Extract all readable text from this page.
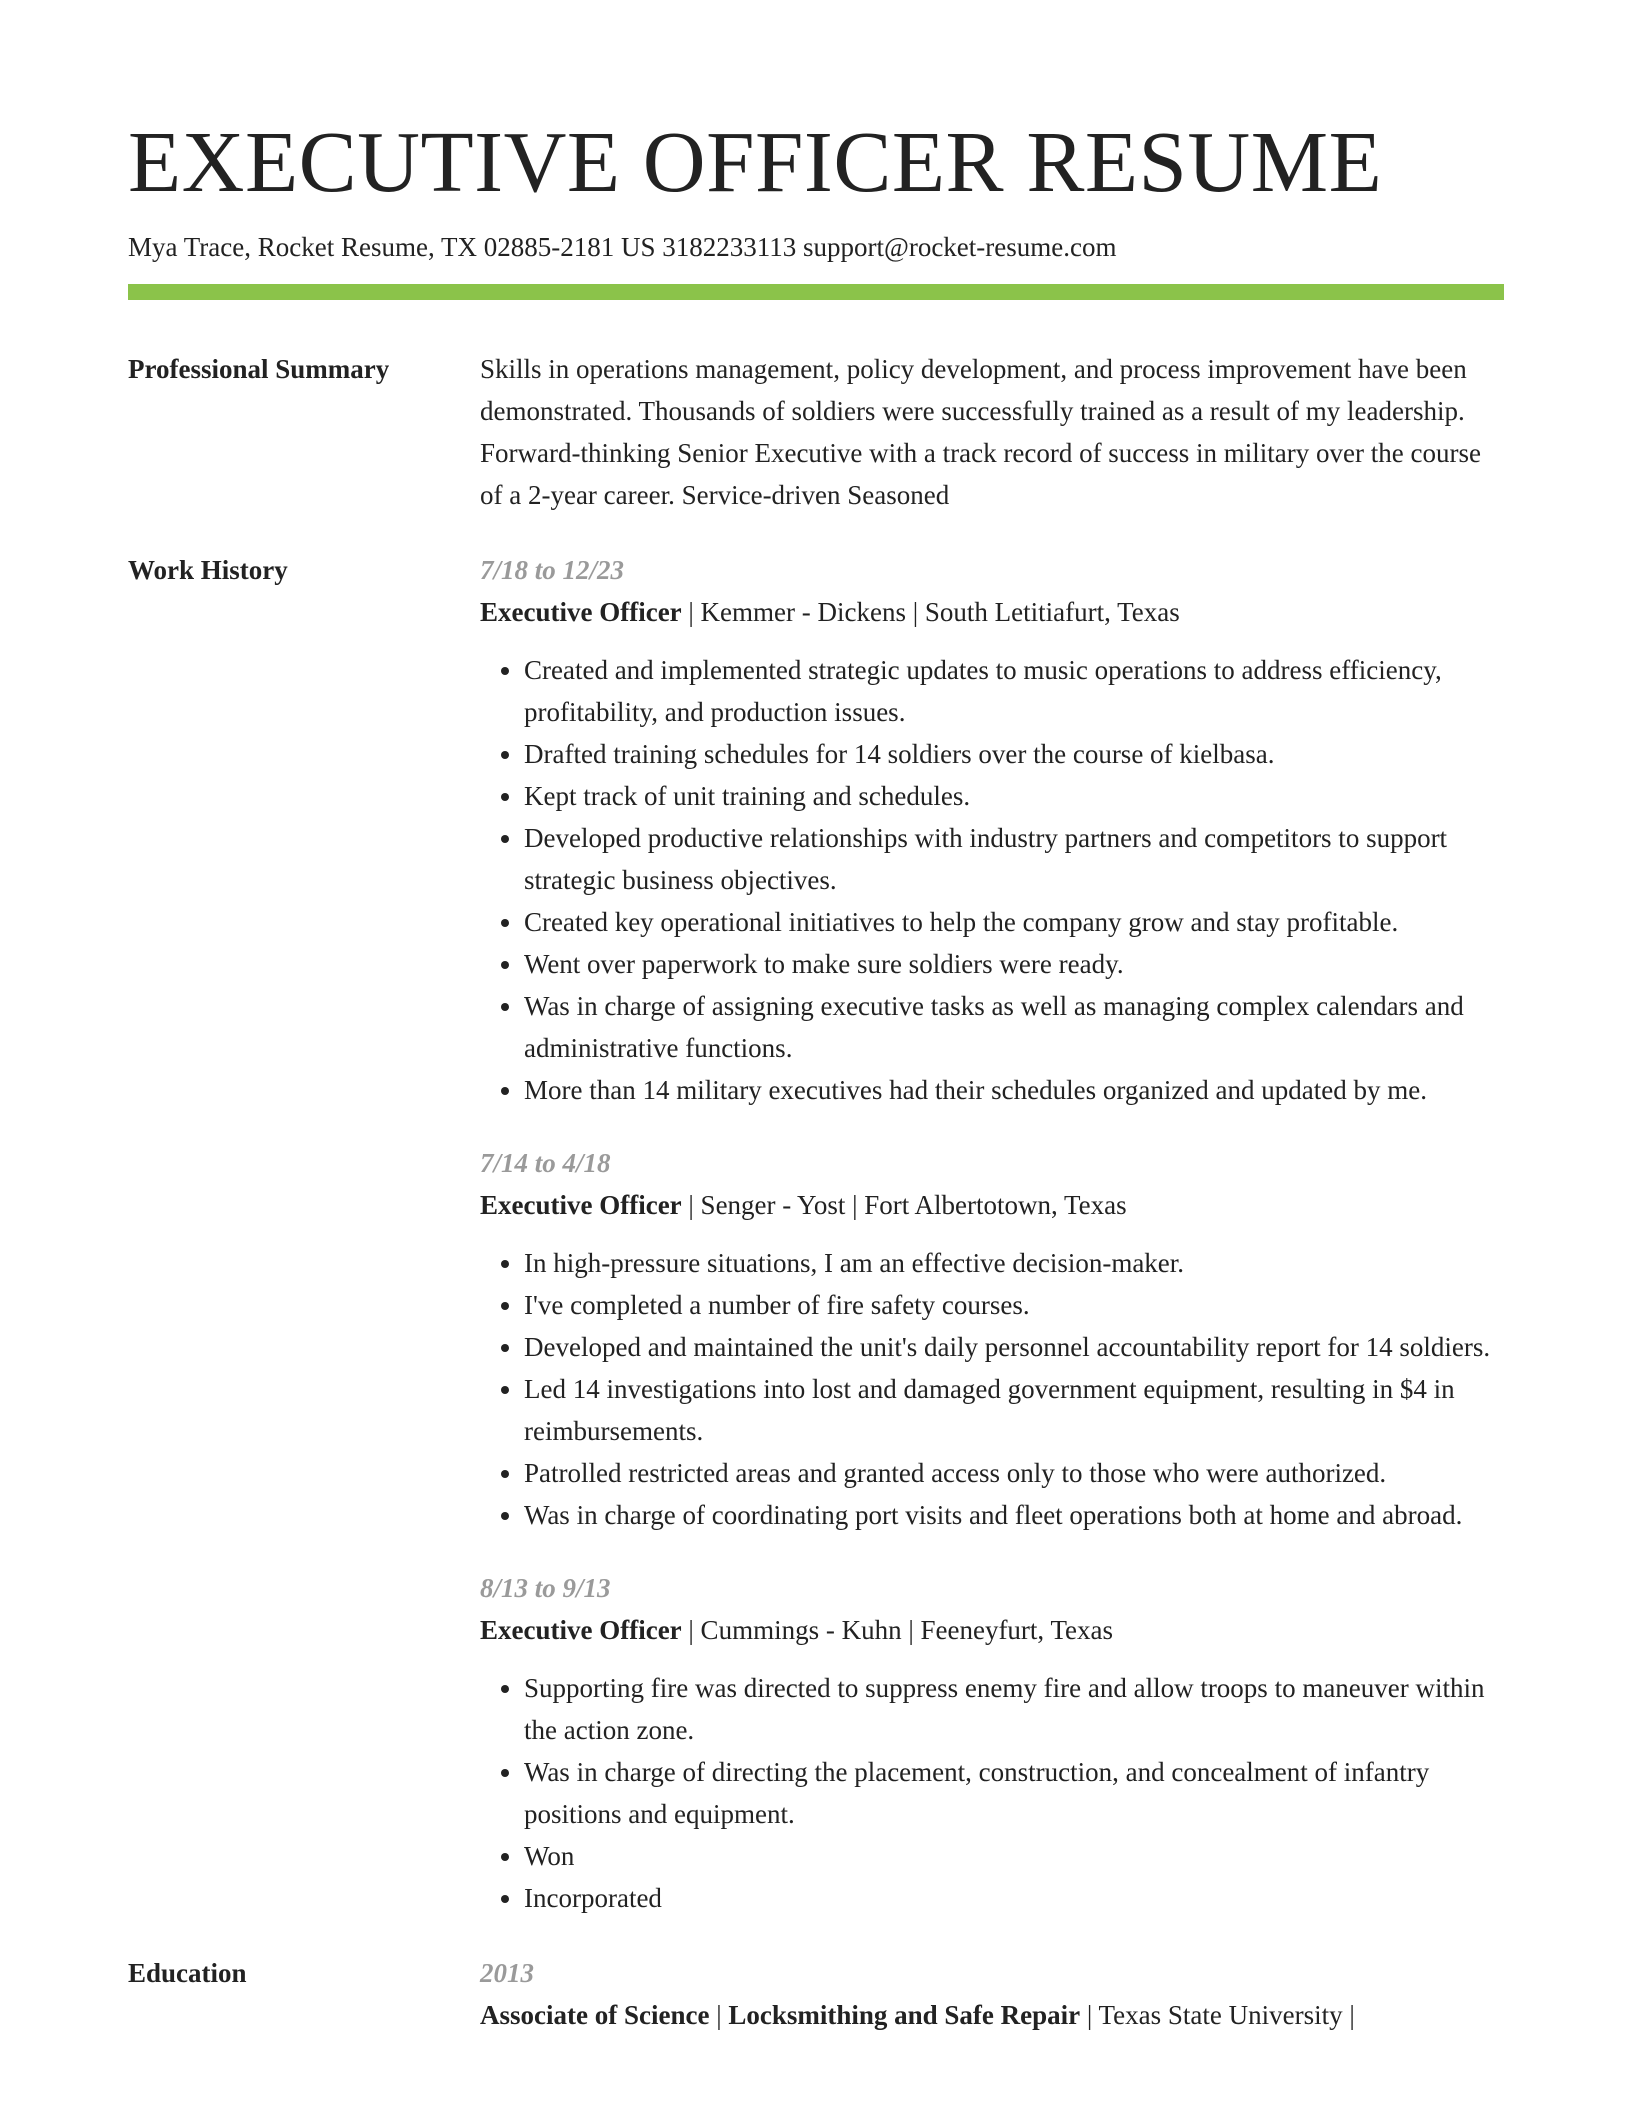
EXECUTIVE OFFICER RESUME
Mya Trace, Rocket Resume, TX 02885-2181 US 3182233113 support@rocket-resume.com
Professional Summary	Skills in operations management, policy development, and process improvement have been demonstrated. Thousands of soldiers were successfully trained as a result of my leadership. Forward-thinking Senior Executive with a track record of success in military over the course of a 2-year career. Service-driven Seasoned

Work History	7/18 to 12/23

Executive Officer | Kemmer - Dickens | South Letitiafurt, Texas

• Created and implemented strategic updates to music operations to address efficiency, profitability, and production issues.
• Drafted training schedules for 14 soldiers over the course of kielbasa.
• Kept track of unit training and schedules.
• Developed productive relationships with industry partners and competitors to support strategic business objectives.
• Created key operational initiatives to help the company grow and stay profitable.
• Went over paperwork to make sure soldiers were ready.
• Was in charge of assigning executive tasks as well as managing complex calendars and administrative functions.
• More than 14 military executives had their schedules organized and updated by me.
7/14 to 4/18

Executive Officer | Senger - Yost | Fort Albertotown, Texas

• In high-pressure situations, I am an effective decision-maker.
• I've completed a number of fire safety courses.
• Developed and maintained the unit's daily personnel accountability report for 14 soldiers.
• Led 14 investigations into lost and damaged government equipment, resulting in $4 in reimbursements.
• Patrolled restricted areas and granted access only to those who were authorized.
• Was in charge of coordinating port visits and fleet operations both at home and abroad.
8/13 to 9/13

Executive Officer | Cummings - Kuhn | Feeneyfurt, Texas

• Supporting fire was directed to suppress enemy fire and allow troops to maneuver within the action zone.
• Was in charge of directing the placement, construction, and concealment of infantry positions and equipment.
• Won
• Incorporated
Education	2013
Associate of Science | Locksmithing and Safe Repair | Texas State University |
